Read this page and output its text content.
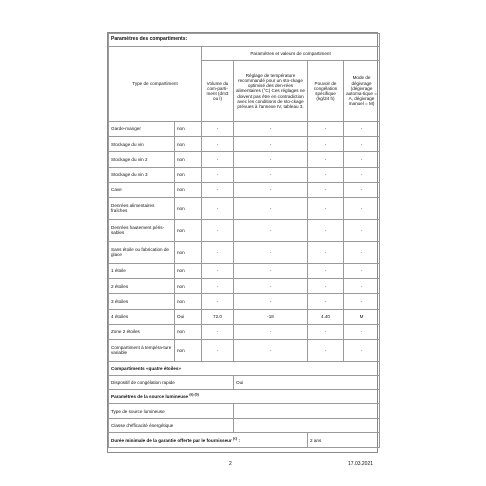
Paramètres des compartiments:					
Type de compartiment		Paramètres et valeurs de compartiment			
		Volume du com-parti-ment (dm3 ou l)	Réglage de température recommandé pour un sto-ckage optimisé des den-rées alimentaires (°C) Ces réglages ne doivent pas être en contradiction avec les conditions de sto-ckage prévues à l'annexe IV, tableau 3.	Pouvoir de congélation spécifique (kg/24 h)	Mode de dégivrage (dégivrage automa-tique = A, dégivrage manuel = M)
Garde-manger	non	-	-	-	-
Stockage du vin	non	-	-	-	-
Stockage du vin 2	non	-	-	-	-
Stockage du vin 3	non	-	-	-	-
Cave	non	-	-	-	-
Denrées alimentaires fraîches	non	-	-	-	-
Denrées hautement péris-sables	non	-	-	-	-
Sans étoile ou fabrication de glace	non	-	-	-	-
1 étoile	non	-	-	-	-
2 étoiles	non	-	-	-	-
3 étoiles	non	-	-	-	-
4 étoiles	Oui	72.0	-18	4.40	M
Zone 2 étoiles	non	-	-	-	-
Compartiment à tempéra-ture variable	non	-	-	-	-
Compartiments «quatre étoiles»					
Dispositif de congélation rapide			Oui		
Paramètres de la source lumineuse $^{(a) (b)}$
Type de source lumineuse					
Classe d'efficacité énergétique					
Durée minimale de la garantie offerte par le fournisseur $^{(c)}$ :				2 ans	
2	17.03.2021
